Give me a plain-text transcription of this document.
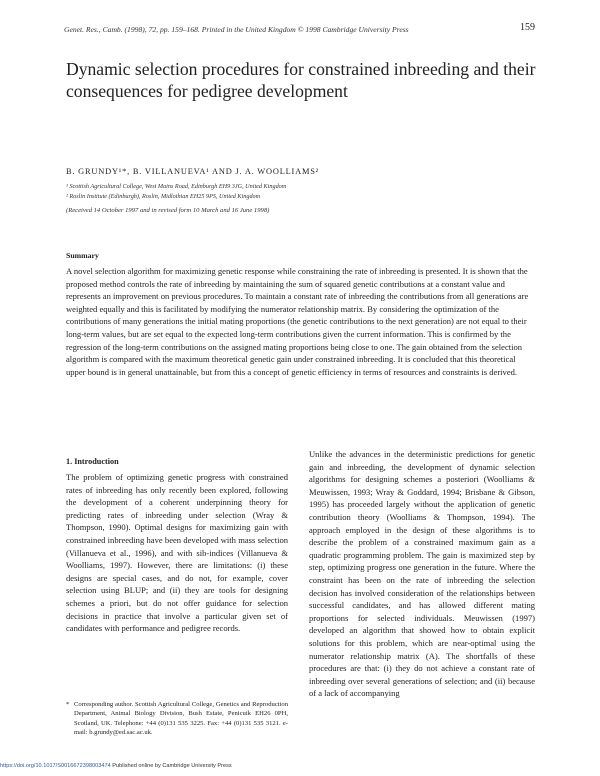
Genet. Res., Camb. (1998), 72, pp. 159–168. Printed in the United Kingdom © 1998 Cambridge University Press	159
Dynamic selection procedures for constrained inbreeding and their consequences for pedigree development
B. GRUNDY¹*, B. VILLANUEVA¹ AND J. A. WOOLLIAMS²
¹ Scottish Agricultural College, West Mains Road, Edinburgh EH9 3JG, United Kingdom
² Roslin Institute (Edinburgh), Roslin, Midlothian EH25 9PS, United Kingdom
(Received 14 October 1997 and in revised form 10 March and 16 June 1998)
Summary

A novel selection algorithm for maximizing genetic response while constraining the rate of inbreeding is presented. It is shown that the proposed method controls the rate of inbreeding by maintaining the sum of squared genetic contributions at a constant value and represents an improvement on previous procedures. To maintain a constant rate of inbreeding the contributions from all generations are weighted equally and this is facilitated by modifying the numerator relationship matrix. By considering the optimization of the contributions of many generations the initial mating proportions (the genetic contributions to the next generation) are not equal to their long-term values, but are set equal to the expected long-term contributions given the current information. This is confirmed by the regression of the long-term contributions on the assigned mating proportions being close to one. The gain obtained from the selection algorithm is compared with the maximum theoretical genetic gain under constrained inbreeding. It is concluded that this theoretical upper bound is in general unattainable, but from this a concept of genetic efficiency in terms of resources and constraints is derived.

1. Introduction

The problem of optimizing genetic progress with constrained rates of inbreeding has only recently been explored, following the development of a coherent underpinning theory for predicting rates of inbreeding under selection (Wray & Thompson, 1990). Optimal designs for maximizing gain with constrained inbreeding have been developed with mass selection (Villanueva et al., 1996), and with sib-indices (Villanueva & Woolliams, 1997). However, there are limitations: (i) these designs are special cases, and do not, for example, cover selection using BLUP; and (ii) they are tools for designing schemes a priori, but do not offer guidance for selection decisions in practice that involve a particular given set of candidates with performance and pedigree records.

Unlike the advances in the deterministic predictions for genetic gain and inbreeding, the development of dynamic selection algorithms for designing schemes a posteriori (Woolliams & Meuwissen, 1993; Wray & Goddard, 1994; Brisbane & Gibson, 1995) has proceeded largely without the application of genetic contribution theory (Woolliams & Thompson, 1994). The approach employed in the design of these algorithms is to describe the problem of a constrained maximum gain as a quadratic programming problem. The gain is maximized step by step, optimizing progress one generation in the future. Where the constraint has been on the rate of inbreeding the selection decision has involved consideration of the relationships between successful candidates, and has allowed different mating proportions for selected individuals. Meuwissen (1997) developed an algorithm that showed how to obtain explicit solutions for this problem, which are near-optimal using the numerator relationship matrix (A). The shortfalls of these procedures are that: (i) they do not achieve a constant rate of inbreeding over several generations of selection; and (ii) because of a lack of accompanying

* Corresponding author. Scottish Agricultural College, Genetics and Reproduction Department, Animal Biology Division, Bush Estate, Penicuik EH26 0PH, Scotland, UK. Telephone: +44 (0)131 535 3225. Fax: +44 (0)131 535 3121. e-mail: b.grundy@ed.sac.ac.uk.
https://doi.org/10.1017/S0016672398003474 Published online by Cambridge University Press
